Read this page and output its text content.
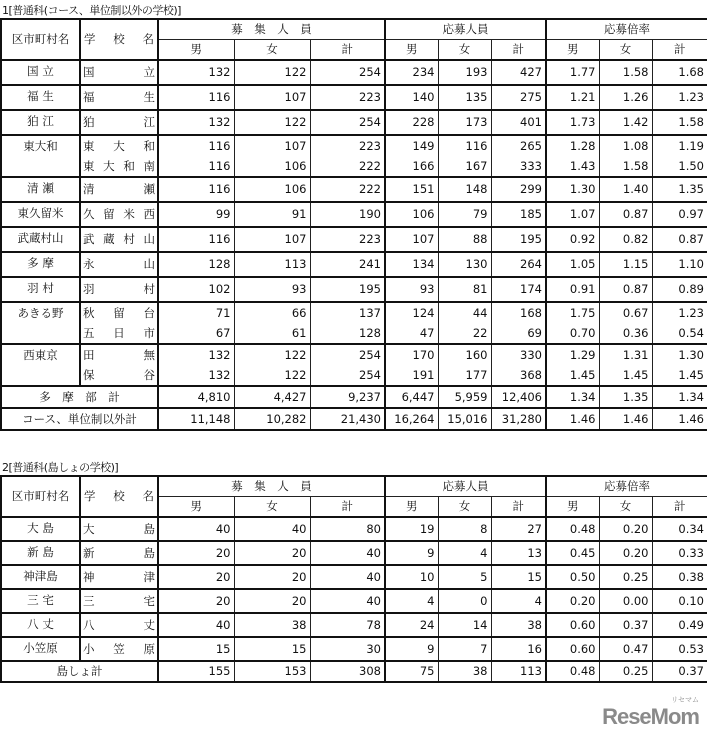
1[普通科(コース、単位制以外の学校)]
区市町村名	学　校　名	募　集　人　員			応募人員			応募倍率		
		男	女	計	男	女	計	男	女	計
国 立	国立	132	122	254	234	193	427	1.77	1.58	1.68
福 生	福生	116	107	223	140	135	275	1.21	1.26	1.23
狛 江	狛江	132	122	254	228	173	401	1.73	1.42	1.58
東大和	東大和	116	107	223	149	116	265	1.28	1.08	1.19
	東大和南	116	106	222	166	167	333	1.43	1.58	1.50
清 瀬	清瀬	116	106	222	151	148	299	1.30	1.40	1.35
東久留米	久留米西	99	91	190	106	79	185	1.07	0.87	0.97
武蔵村山	武蔵村山	116	107	223	107	88	195	0.92	0.82	0.87
多 摩	永山	128	113	241	134	130	264	1.05	1.15	1.10
羽 村	羽村	102	93	195	93	81	174	0.91	0.87	0.89
あきる野	秋留台	71	66	137	124	44	168	1.75	0.67	1.23
	五日市	67	61	128	47	22	69	0.70	0.36	0.54
西東京	田無	132	122	254	170	160	330	1.29	1.31	1.30
	保谷	132	122	254	191	177	368	1.45	1.45	1.45
多　摩　部　計		4,810	4,427	9,237	6,447	5,959	12,406	1.34	1.35	1.34
コース、単位制以外計		11,148	10,282	21,430	16,264	15,016	31,280	1.46	1.46	1.46
2[普通科(島しょの学校)]
区市町村名	学　校　名	募　集　人　員			応募人員			応募倍率		
		男	女	計	男	女	計	男	女	計
大 島	大島	40	40	80	19	8	27	0.48	0.20	0.34
新 島	新島	20	20	40	9	4	13	0.45	0.20	0.33
神津島	神津	20	20	40	10	5	15	0.50	0.25	0.38
三 宅	三宅	20	20	40	4	0	4	0.20	0.00	0.10
八 丈	八丈	40	38	78	24	14	38	0.60	0.37	0.49
小笠原	小笠原	15	15	30	9	7	16	0.60	0.47	0.53
島しょ計		155	153	308	75	38	113	0.48	0.25	0.37
リセマム
ReseMom
